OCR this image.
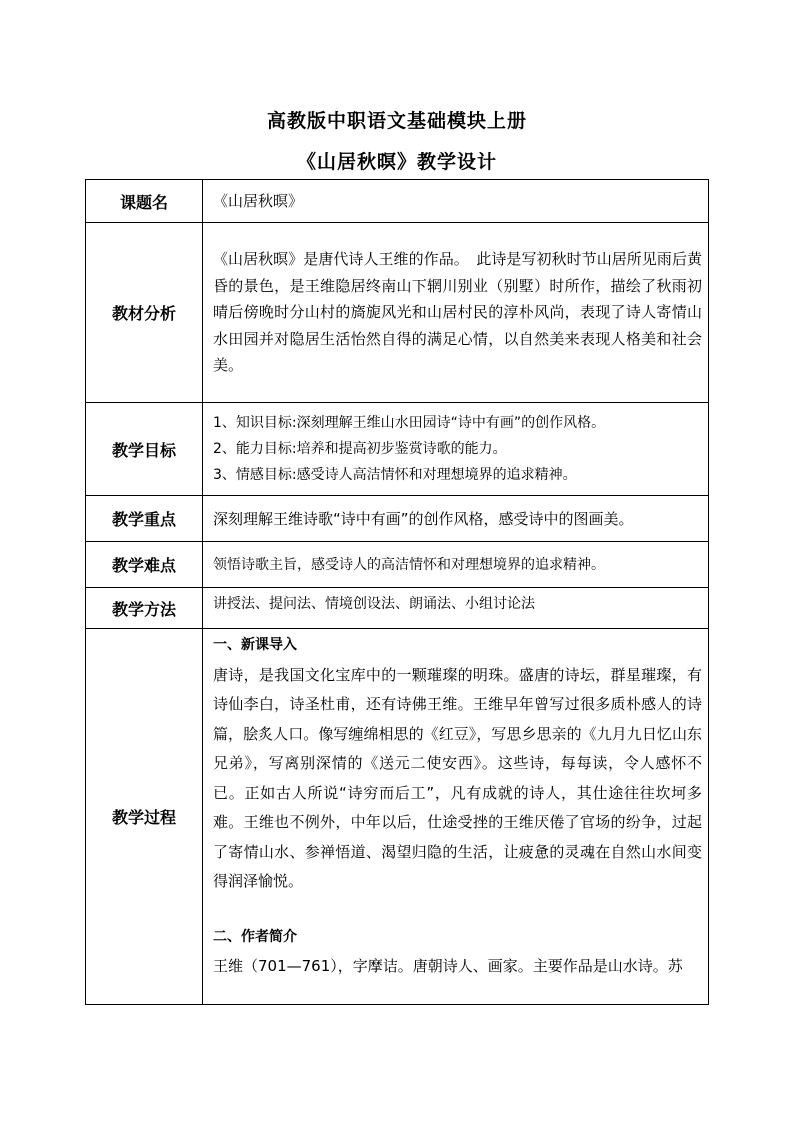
高教版中职语文基础模块上册
《山居秋暝》教学设计
课题名	《山居秋暝》
教材分析	《山居秋暝》是唐代诗人王维的作品。　此诗是写初秋时节山居所见雨后黄昏的景色，是王维隐居终南山下辋川别业（别墅）时所作，描绘了秋雨初晴后傍晚时分山村的旖旎风光和山居村民的淳朴风尚，表现了诗人寄情山水田园并对隐居生活怡然自得的满足心情，以自然美来表现人格美和社会美。
教学目标	1、知识目标:深刻理解王维山水田园诗“诗中有画”的创作风格。
2、能力目标:培养和提高初步鉴赏诗歌的能力。
3、情感目标:感受诗人高洁情怀和对理想境界的追求精神。

教学重点	深刻理解王维诗歌“诗中有画”的创作风格，感受诗中的图画美。
教学难点	领悟诗歌主旨，感受诗人的高洁情怀和对理想境界的追求精神。
教学方法	讲授法、提问法、情境创设法、朗诵法、小组讨论法
教学过程	一、新课导入
唐诗，是我国文化宝库中的一颗璀璨的明珠。盛唐的诗坛，群星璀璨，有诗仙李白，诗圣杜甫，还有诗佛王维。王维早年曾写过很多质朴感人的诗篇，脍炙人口。像写缠绵相思的《红豆》，写思乡思亲的《九月九日忆山东兄弟》，写离别深情的《送元二使安西》。这些诗，每每读，令人感怀不已。正如古人所说“诗穷而后工”，凡有成就的诗人，其仕途往往坎坷多难。王维也不例外，中年以后，仕途受挫的王维厌倦了官场的纷争，过起了寄情山水、参禅悟道、渴望归隐的生活，让疲惫的灵魂在自然山水间变得润泽愉悦。
二、作者简介
王维（701—761），字摩诘。唐朝诗人、画家。主要作品是山水诗。苏
